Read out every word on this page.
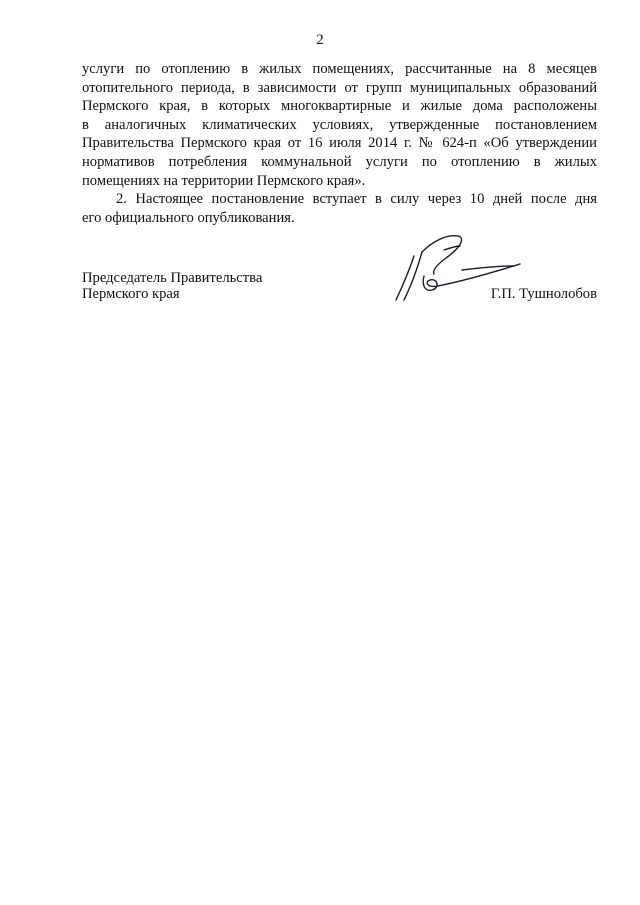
2
услуги по отоплению в жилых помещениях, рассчитанные на 8 месяцев
отопительного периода, в зависимости от групп муниципальных образований
Пермского края, в которых многоквартирные и жилые дома расположены
в аналогичных климатических условиях, утвержденные постановлением
Правительства Пермского края от 16 июля 2014 г. № 624-п «Об утверждении
нормативов потребления коммунальной услуги по отоплению в жилых
помещениях на территории Пермского края».
2. Настоящее постановление вступает в силу через 10 дней после дня
его официального опубликования.
Председатель Правительства
Пермского края	Г.П. Тушнолобов
